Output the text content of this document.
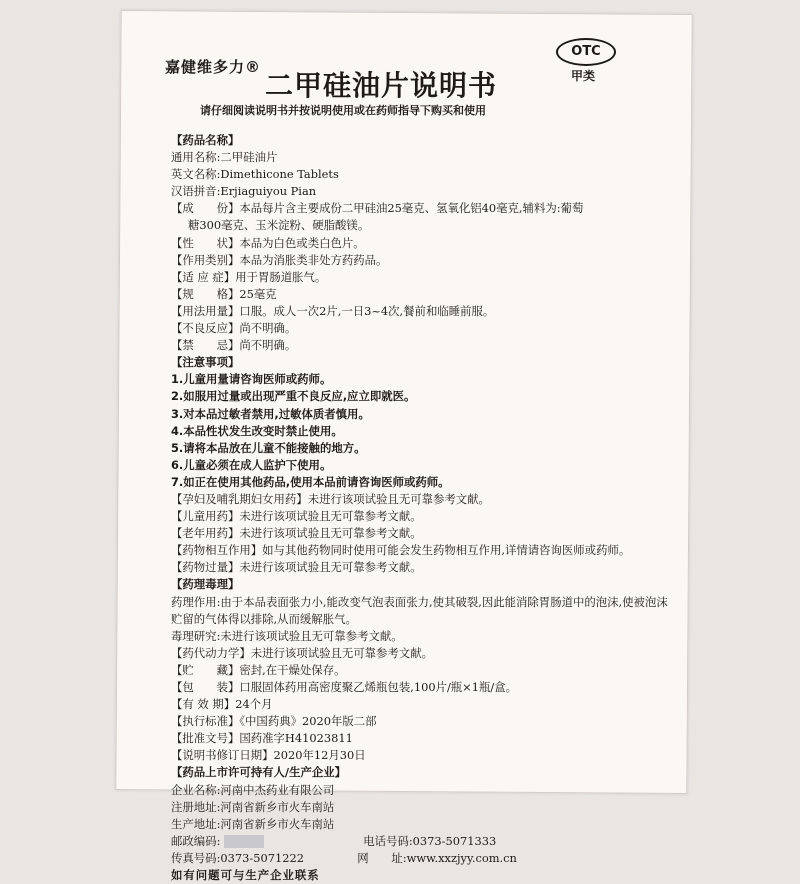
嘉健维多力®
OTC
甲类
二甲硅油片说明书
请仔细阅读说明书并按说明使用或在药师指导下购买和使用
【药品名称】
通用名称:二甲硅油片
英文名称:Dimethicone Tablets
汉语拼音:Erjiaguiyou Pian
【成　　份】本品每片含主要成份二甲硅油25毫克、氢氧化铝40毫克,辅料为:葡萄
糖300毫克、玉米淀粉、硬脂酸镁。
【性　　状】本品为白色或类白色片。
【作用类别】本品为消胀类非处方药药品。
【适 应 症】用于胃肠道胀气。
【规　　格】25毫克
【用法用量】口服。成人一次2片,一日3~4次,餐前和临睡前服。
【不良反应】尚不明确。
【禁　　忌】尚不明确。
【注意事项】
1.儿童用量请咨询医师或药师。
2.如服用过量或出现严重不良反应,应立即就医。
3.对本品过敏者禁用,过敏体质者慎用。
4.本品性状发生改变时禁止使用。
5.请将本品放在儿童不能接触的地方。
6.儿童必须在成人监护下使用。
7.如正在使用其他药品,使用本品前请咨询医师或药师。
【孕妇及哺乳期妇女用药】未进行该项试验且无可靠参考文献。
【儿童用药】未进行该项试验且无可靠参考文献。
【老年用药】未进行该项试验且无可靠参考文献。
【药物相互作用】如与其他药物同时使用可能会发生药物相互作用,详情请咨询医师或药师。
【药物过量】未进行该项试验且无可靠参考文献。
【药理毒理】
药理作用:由于本品表面张力小,能改变气泡表面张力,使其破裂,因此能消除胃肠道中的泡沫,使被泡沫贮留的气体得以排除,从而缓解胀气。
毒理研究:未进行该项试验且无可靠参考文献。
【药代动力学】未进行该项试验且无可靠参考文献。
【贮　　藏】密封,在干燥处保存。
【包　　装】口服固体药用高密度聚乙烯瓶包装,100片/瓶×1瓶/盒。
【有 效 期】24个月
【执行标准】《中国药典》2020年版二部
【批准文号】国药准字H41023811
【说明书修订日期】2020年12月30日
【药品上市许可持有人/生产企业】
企业名称:河南中杰药业有限公司
注册地址:河南省新乡市火车南站
生产地址:河南省新乡市火车南站
邮政编码:	电话号码:0373-5071333
传真号码:0373-5071222	网　　址:www.xxzjyy.com.cn
如有问题可与生产企业联系
